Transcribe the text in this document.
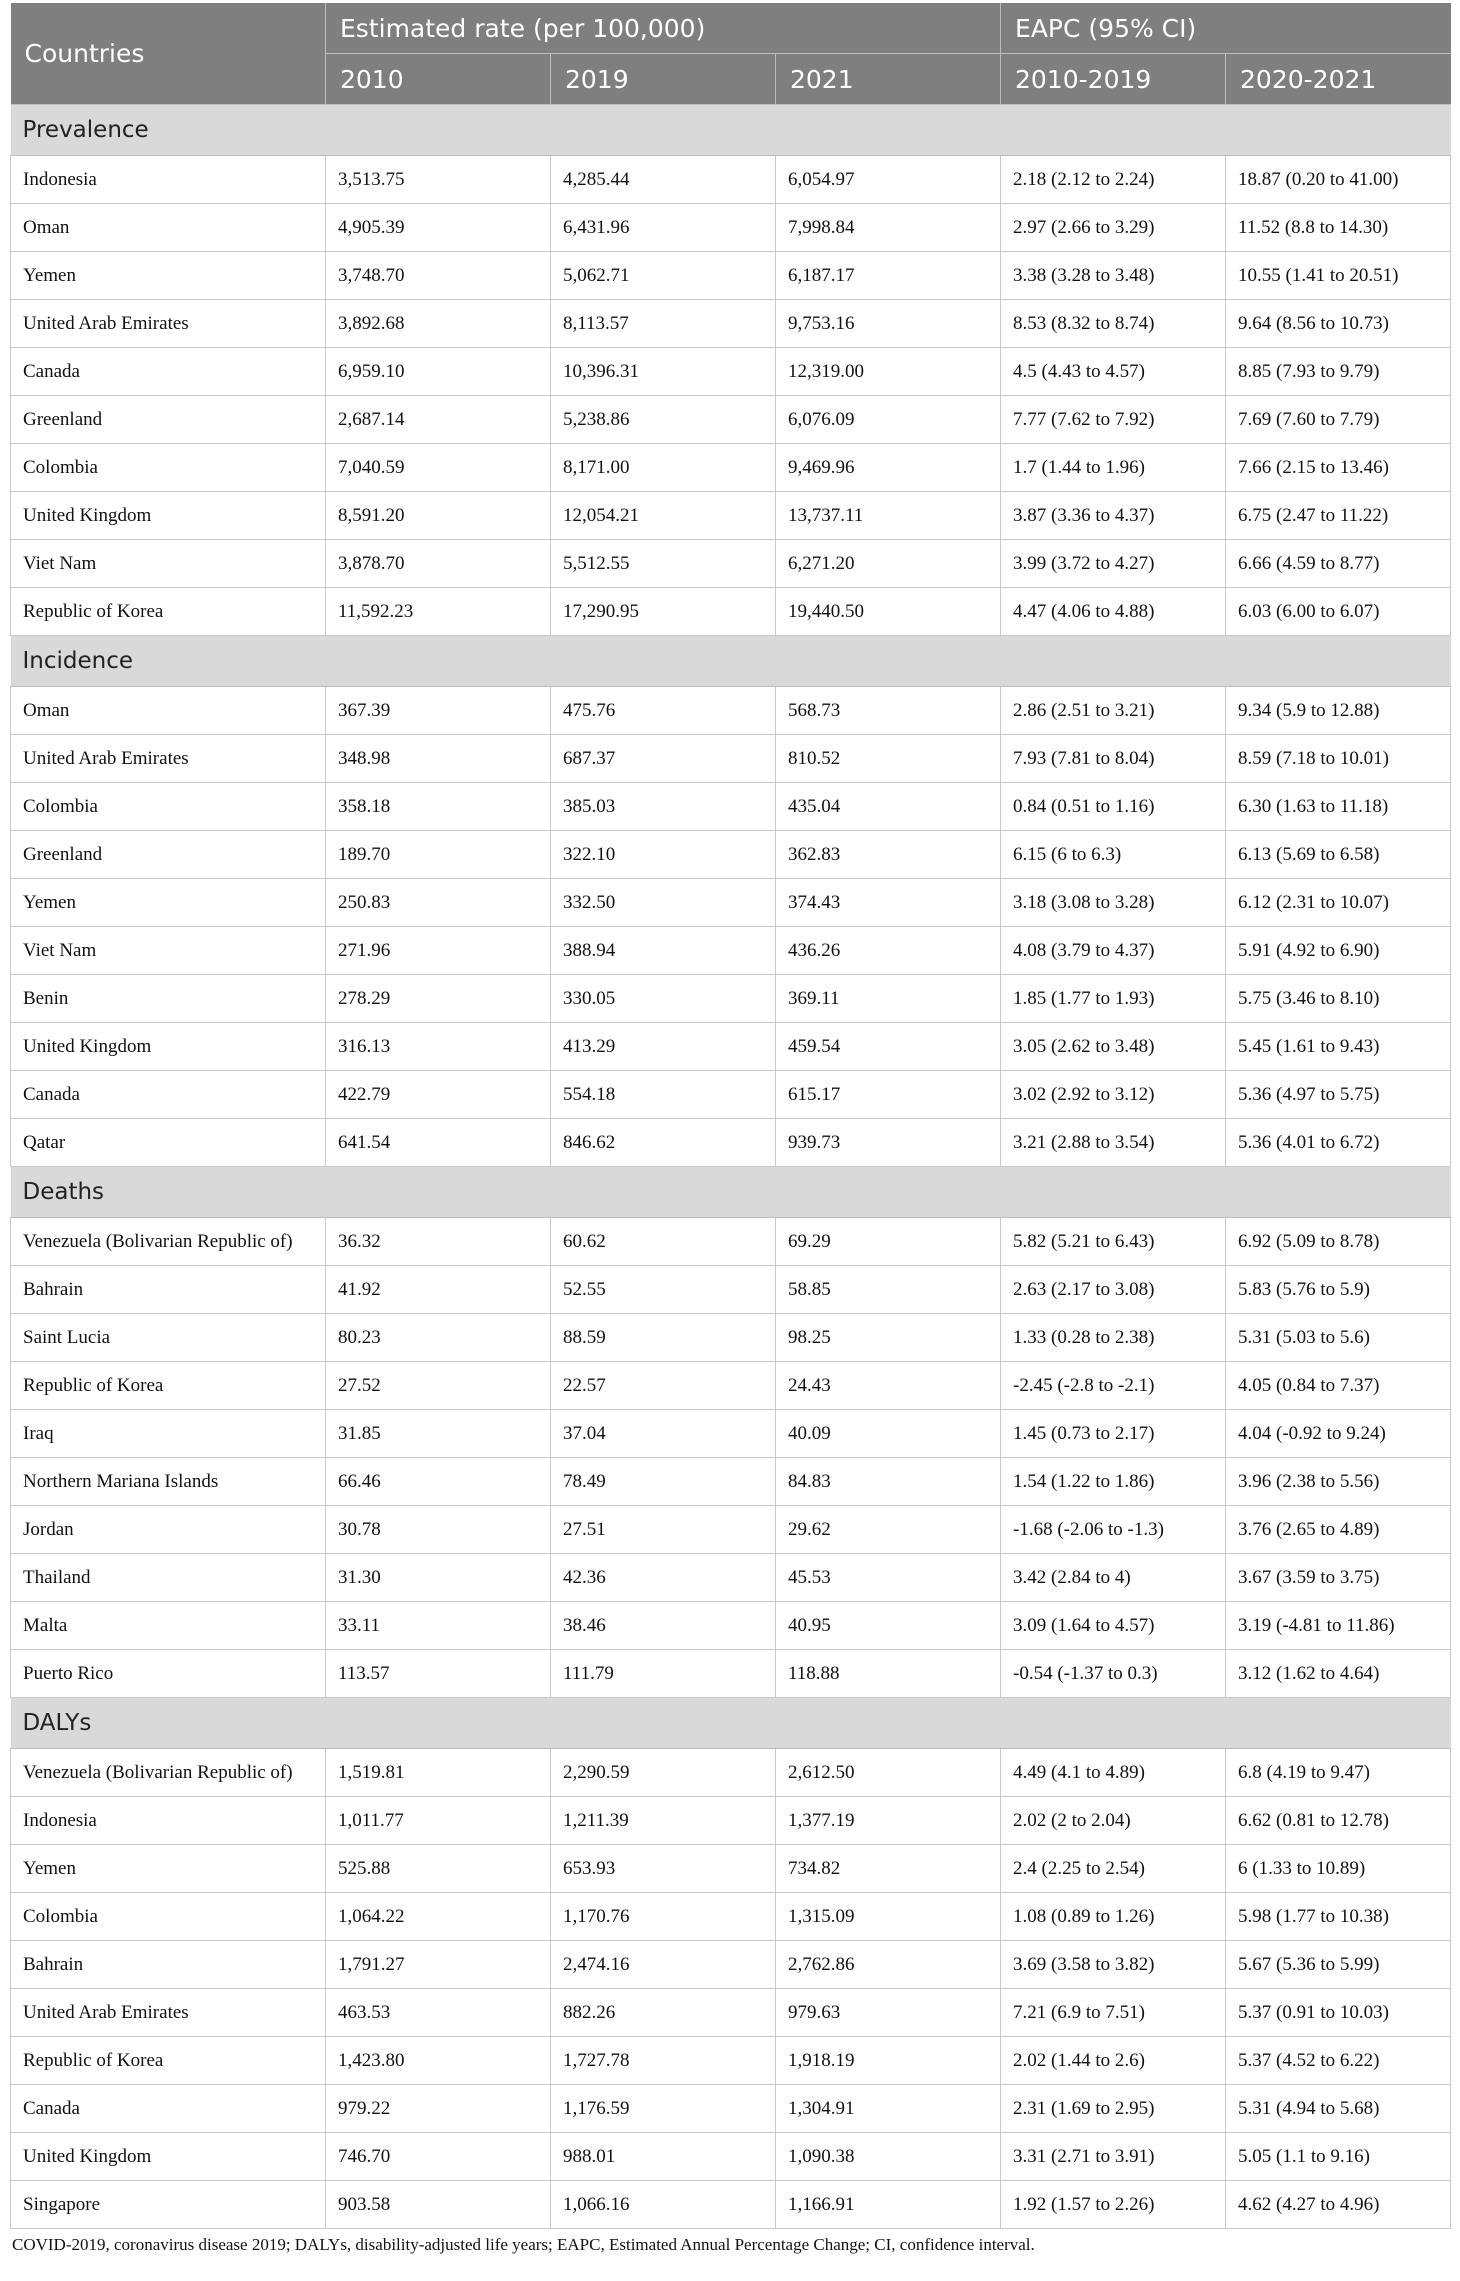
Countries	Estimated rate (per 100,000)			EAPC (95% CI)	
	2010	2019	2021	2010-2019	2020-2021
Prevalence					
Indonesia	3,513.75	4,285.44	6,054.97	2.18 (2.12 to 2.24)	18.87 (0.20 to 41.00)
Oman	4,905.39	6,431.96	7,998.84	2.97 (2.66 to 3.29)	11.52 (8.8 to 14.30)
Yemen	3,748.70	5,062.71	6,187.17	3.38 (3.28 to 3.48)	10.55 (1.41 to 20.51)
United Arab Emirates	3,892.68	8,113.57	9,753.16	8.53 (8.32 to 8.74)	9.64 (8.56 to 10.73)
Canada	6,959.10	10,396.31	12,319.00	4.5 (4.43 to 4.57)	8.85 (7.93 to 9.79)
Greenland	2,687.14	5,238.86	6,076.09	7.77 (7.62 to 7.92)	7.69 (7.60 to 7.79)
Colombia	7,040.59	8,171.00	9,469.96	1.7 (1.44 to 1.96)	7.66 (2.15 to 13.46)
United Kingdom	8,591.20	12,054.21	13,737.11	3.87 (3.36 to 4.37)	6.75 (2.47 to 11.22)
Viet Nam	3,878.70	5,512.55	6,271.20	3.99 (3.72 to 4.27)	6.66 (4.59 to 8.77)
Republic of Korea	11,592.23	17,290.95	19,440.50	4.47 (4.06 to 4.88)	6.03 (6.00 to 6.07)
Incidence					
Oman	367.39	475.76	568.73	2.86 (2.51 to 3.21)	9.34 (5.9 to 12.88)
United Arab Emirates	348.98	687.37	810.52	7.93 (7.81 to 8.04)	8.59 (7.18 to 10.01)
Colombia	358.18	385.03	435.04	0.84 (0.51 to 1.16)	6.30 (1.63 to 11.18)
Greenland	189.70	322.10	362.83	6.15 (6 to 6.3)	6.13 (5.69 to 6.58)
Yemen	250.83	332.50	374.43	3.18 (3.08 to 3.28)	6.12 (2.31 to 10.07)
Viet Nam	271.96	388.94	436.26	4.08 (3.79 to 4.37)	5.91 (4.92 to 6.90)
Benin	278.29	330.05	369.11	1.85 (1.77 to 1.93)	5.75 (3.46 to 8.10)
United Kingdom	316.13	413.29	459.54	3.05 (2.62 to 3.48)	5.45 (1.61 to 9.43)
Canada	422.79	554.18	615.17	3.02 (2.92 to 3.12)	5.36 (4.97 to 5.75)
Qatar	641.54	846.62	939.73	3.21 (2.88 to 3.54)	5.36 (4.01 to 6.72)
Deaths					
Venezuela (Bolivarian Republic of)	36.32	60.62	69.29	5.82 (5.21 to 6.43)	6.92 (5.09 to 8.78)
Bahrain	41.92	52.55	58.85	2.63 (2.17 to 3.08)	5.83 (5.76 to 5.9)
Saint Lucia	80.23	88.59	98.25	1.33 (0.28 to 2.38)	5.31 (5.03 to 5.6)
Republic of Korea	27.52	22.57	24.43	-2.45 (-2.8 to -2.1)	4.05 (0.84 to 7.37)
Iraq	31.85	37.04	40.09	1.45 (0.73 to 2.17)	4.04 (-0.92 to 9.24)
Northern Mariana Islands	66.46	78.49	84.83	1.54 (1.22 to 1.86)	3.96 (2.38 to 5.56)
Jordan	30.78	27.51	29.62	-1.68 (-2.06 to -1.3)	3.76 (2.65 to 4.89)
Thailand	31.30	42.36	45.53	3.42 (2.84 to 4)	3.67 (3.59 to 3.75)
Malta	33.11	38.46	40.95	3.09 (1.64 to 4.57)	3.19 (-4.81 to 11.86)
Puerto Rico	113.57	111.79	118.88	-0.54 (-1.37 to 0.3)	3.12 (1.62 to 4.64)
DALYs					
Venezuela (Bolivarian Republic of)	1,519.81	2,290.59	2,612.50	4.49 (4.1 to 4.89)	6.8 (4.19 to 9.47)
Indonesia	1,011.77	1,211.39	1,377.19	2.02 (2 to 2.04)	6.62 (0.81 to 12.78)
Yemen	525.88	653.93	734.82	2.4 (2.25 to 2.54)	6 (1.33 to 10.89)
Colombia	1,064.22	1,170.76	1,315.09	1.08 (0.89 to 1.26)	5.98 (1.77 to 10.38)
Bahrain	1,791.27	2,474.16	2,762.86	3.69 (3.58 to 3.82)	5.67 (5.36 to 5.99)
United Arab Emirates	463.53	882.26	979.63	7.21 (6.9 to 7.51)	5.37 (0.91 to 10.03)
Republic of Korea	1,423.80	1,727.78	1,918.19	2.02 (1.44 to 2.6)	5.37 (4.52 to 6.22)
Canada	979.22	1,176.59	1,304.91	2.31 (1.69 to 2.95)	5.31 (4.94 to 5.68)
United Kingdom	746.70	988.01	1,090.38	3.31 (2.71 to 3.91)	5.05 (1.1 to 9.16)
Singapore	903.58	1,066.16	1,166.91	1.92 (1.57 to 2.26)	4.62 (4.27 to 4.96)
COVID-2019, coronavirus disease 2019; DALYs, disability-adjusted life years; EAPC, Estimated Annual Percentage Change; CI, confidence interval.
